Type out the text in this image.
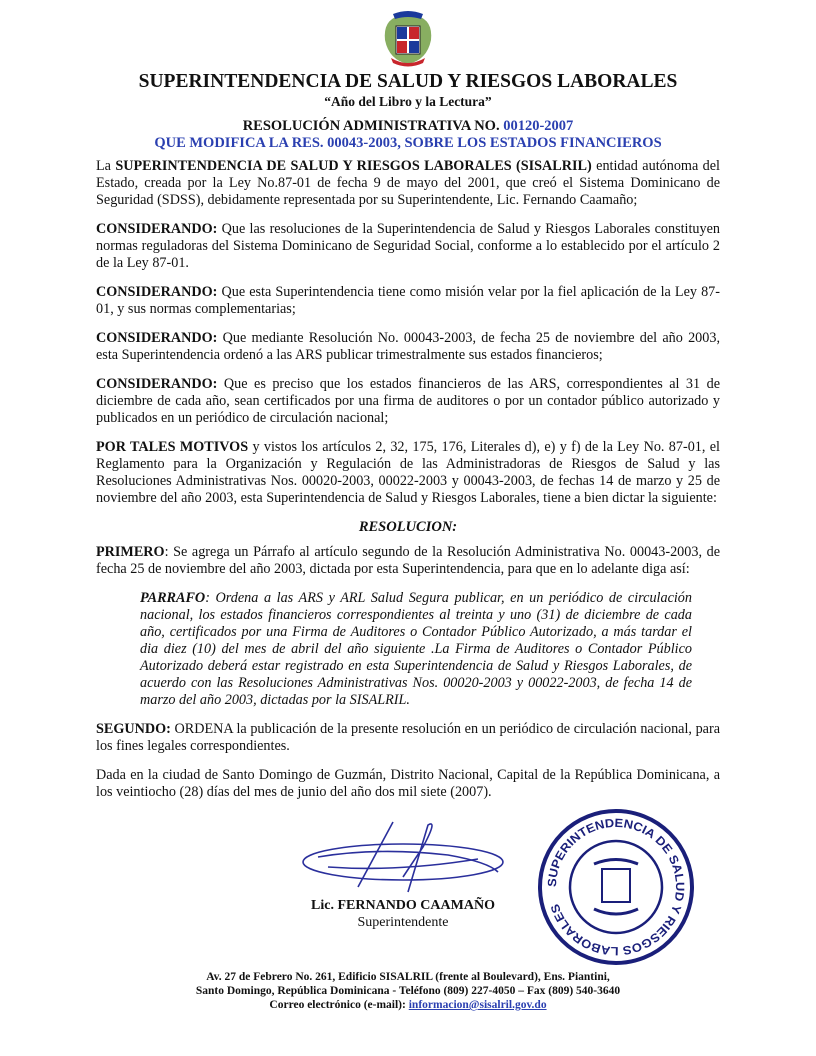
SUPERINTENDENCIA DE SALUD Y RIESGOS LABORALES
“Año del Libro y la Lectura”
RESOLUCIÓN ADMINISTRATIVA NO. 00120-2007
QUE MODIFICA LA RES. 00043-2003, SOBRE LOS ESTADOS FINANCIEROS
La SUPERINTENDENCIA DE SALUD Y RIESGOS LABORALES (SISALRIL) entidad autónoma del Estado, creada por la Ley No.87-01 de fecha 9 de mayo del 2001, que creó el Sistema Dominicano de Seguridad (SDSS), debidamente representada por su Superintendente, Lic. Fernando Caamaño;
CONSIDERANDO: Que las resoluciones de la Superintendencia de Salud y Riesgos Laborales constituyen normas reguladoras del Sistema Dominicano de Seguridad Social, conforme a lo establecido por el artículo 2 de la Ley 87-01.
CONSIDERANDO: Que esta Superintendencia tiene como misión velar por la fiel aplicación de la Ley 87-01, y sus normas complementarias;
CONSIDERANDO: Que mediante Resolución No. 00043-2003, de fecha 25 de noviembre del año 2003, esta Superintendencia ordenó a las ARS publicar trimestralmente sus estados financieros;
CONSIDERANDO: Que es preciso que los estados financieros de las ARS, correspondientes al 31 de diciembre de cada año, sean certificados por una firma de auditores o por un contador público autorizado y publicados en un periódico de circulación nacional;
POR TALES MOTIVOS y vistos los artículos 2, 32, 175, 176, Literales d), e) y f) de la Ley No. 87-01, el Reglamento para la Organización y Regulación de las Administradoras de Riesgos de Salud y las Resoluciones Administrativas Nos. 00020-2003, 00022-2003 y 00043-2003, de fechas 14 de marzo y 25 de noviembre del año 2003, esta Superintendencia de Salud y Riesgos Laborales, tiene a bien dictar la siguiente:
RESOLUCION:
PRIMERO: Se agrega un Párrafo al artículo segundo de la Resolución Administrativa No. 00043-2003, de fecha 25 de noviembre del año 2003, dictada por esta Superintendencia, para que en lo adelante diga así:
PARRAFO: Ordena a las ARS y ARL Salud Segura publicar, en un periódico de circulación nacional, los estados financieros correspondientes al treinta y uno (31) de diciembre de cada año, certificados por una Firma de Auditores o Contador Público Autorizado, a más tardar el dia diez (10) del mes de abril del año siguiente .La Firma de Auditores o Contador Público Autorizado deberá estar registrado en esta Superintendencia de Salud y Riesgos Laborales, de acuerdo con las Resoluciones Administrativas Nos. 00020-2003 y 00022-2003, de fecha 14 de marzo del año 2003, dictadas por la SISALRIL.
SEGUNDO: ORDENA la publicación de la presente resolución en un periódico de circulación nacional, para los fines legales correspondientes.
Dada en la ciudad de Santo Domingo de Guzmán, Distrito Nacional, Capital de la República Dominicana, a los veintiocho (28) días del mes de junio del año dos mil siete (2007).
Lic. FERNANDO CAAMAÑO
Superintendente
SUPERINTENDENCIA DE SALUD Y RIESGOS LABORALES
Av. 27 de Febrero No. 261, Edificio SISALRIL (frente al Boulevard), Ens. Piantini,
Santo Domingo, República Dominicana - Teléfono (809) 227-4050 – Fax (809) 540-3640
Correo electrónico (e-mail): informacion@sisalril.gov.do
